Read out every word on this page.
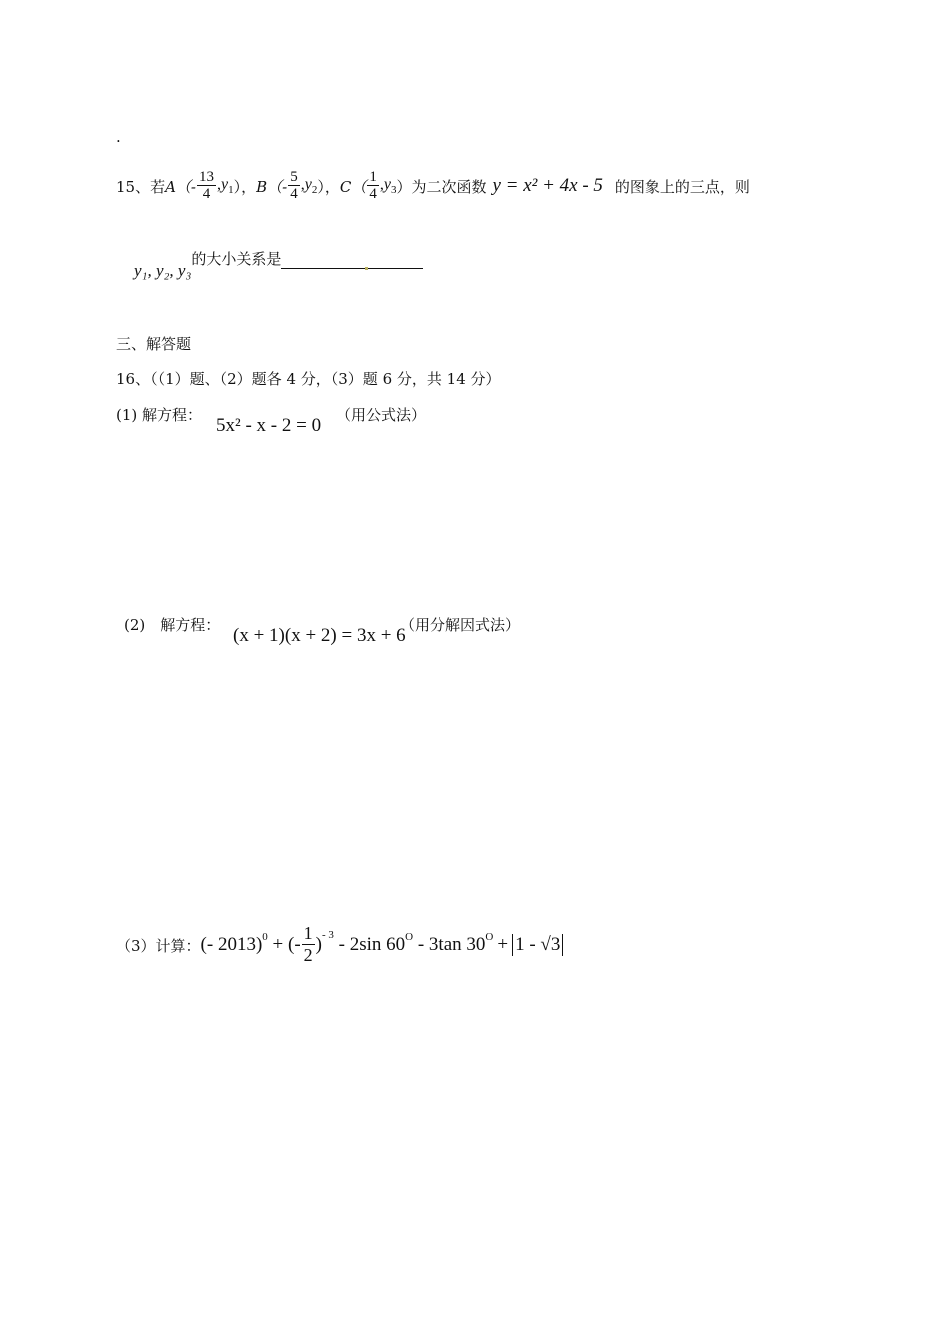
.
15、若 $A(- \frac{13}{4} ,y_1$ ）， $B(- \frac{5}{4} ,y_2$ ）， $C( \frac{1}{4} ,y_3$ ）为二次函数 y = x² + 4x - 5 的图象上的三点，则
y₁, y₂, y₃
的大小关系是
三、解答题
16、（（1）题、（2）题各 4 分，（3）题 6 分，共 14 分）
(1) 解方程： 5x² - x - 2 = 0 （用公式法）
(2)　解方程： (x + 1)(x + 2) = 3x + 6
（用分解因式法）
（3）计算： (- 2013)$^0$ + (- $\frac{1}{2} )^{- 3} - 2\sin$ $60^O - 3\tan$ $30^O + 1 - √3$
